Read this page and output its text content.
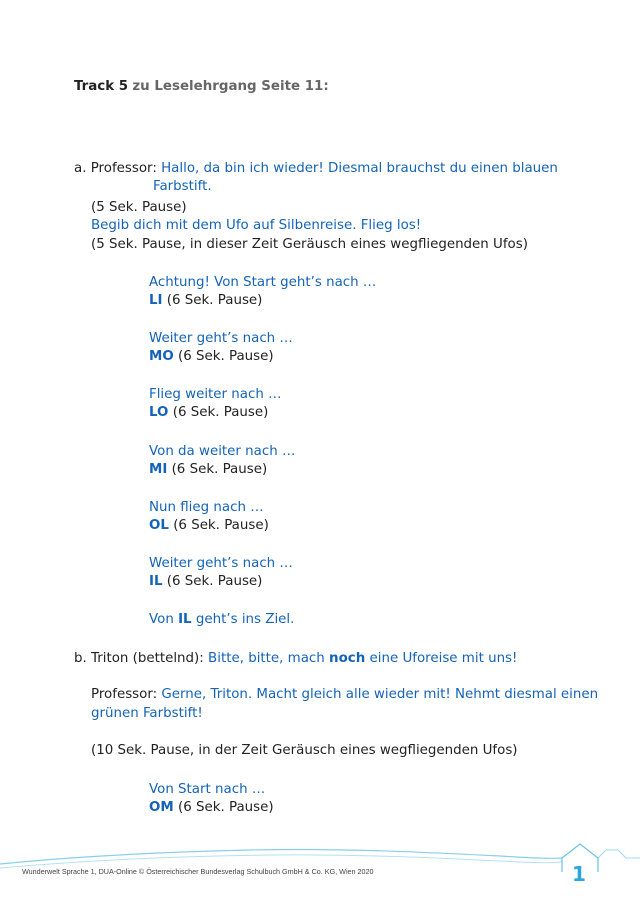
Track 5 zu Leselehrgang Seite 11:
a. Professor: Hallo, da bin ich wieder! Diesmal brauchst du einen blauen
Farbstift.
(5 Sek. Pause)
Begib dich mit dem Ufo auf Silbenreise. Flieg los!
(5 Sek. Pause, in dieser Zeit Geräusch eines wegfliegenden Ufos)
Achtung! Von Start geht’s nach …
LI (6 Sek. Pause)
Weiter geht’s nach …
MO (6 Sek. Pause)
Flieg weiter nach …
LO (6 Sek. Pause)
Von da weiter nach …
MI (6 Sek. Pause)
Nun flieg nach …
OL (6 Sek. Pause)
Weiter geht’s nach …
IL (6 Sek. Pause)
Von IL geht’s ins Ziel.
b. Triton (bettelnd): Bitte, bitte, mach noch eine Uforeise mit uns!
Professor: Gerne, Triton. Macht gleich alle wieder mit! Nehmt diesmal einen
grünen Farbstift!
(10 Sek. Pause, in der Zeit Geräusch eines wegfliegenden Ufos)
Von Start nach …
OM (6 Sek. Pause)
Wunderwelt Sprache 1, DUA-Online © Österreichischer Bundesverlag Schulbuch GmbH & Co. KG, Wien 2020	1
